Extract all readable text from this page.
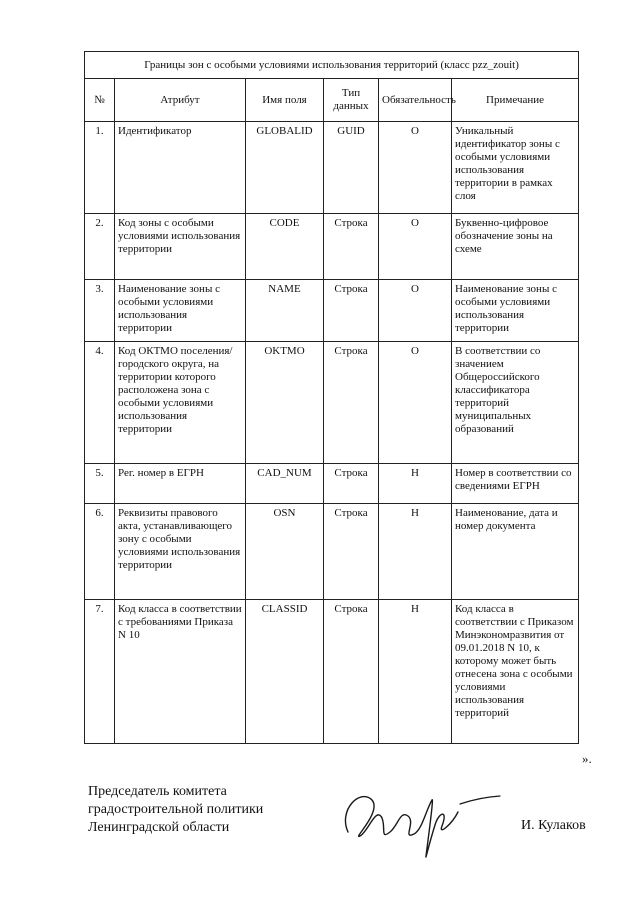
Границы зон с особыми условиями использования территорий (класс pzz_zouit)					
№	Атрибут	Имя поля	Тип данных	Обязательность	Примечание
1.	Идентификатор	GLOBALID	GUID	О	Уникальный идентификатор зоны с особыми условиями использования территории в рамках слоя
2.	Код зоны с особыми условиями использования территории	CODE	Строка	О	Буквенно-цифровое обозначение зоны на схеме
3.	Наименование зоны с особыми условиями использования территории	NAME	Строка	О	Наименование зоны с особыми условиями использования территории
4.	Код ОКТМО поселения/городского округа, на территории которого расположена зона с особыми условиями использования территории	OKTMO	Строка	О	В соответствии со значением Общероссийского классификатора территорий муниципальных образований
5.	Рег. номер в ЕГРН	CAD_NUM	Строка	Н	Номер в соответствии со сведениями ЕГРН
6.	Реквизиты правового акта, устанавливающего зону с особыми условиями использования территории	OSN	Строка	Н	Наименование, дата и номер документа
7.	Код класса в соответствии с требованиями Приказа N 10	CLASSID	Строка	Н	Код класса в соответствии с Приказом Минэкономразвития от 09.01.2018 N 10, к которому может быть отнесена зона с особыми условиями использования территорий
».
Председатель комитета
градостроительной политики
Ленинградской области	И. Кулаков
